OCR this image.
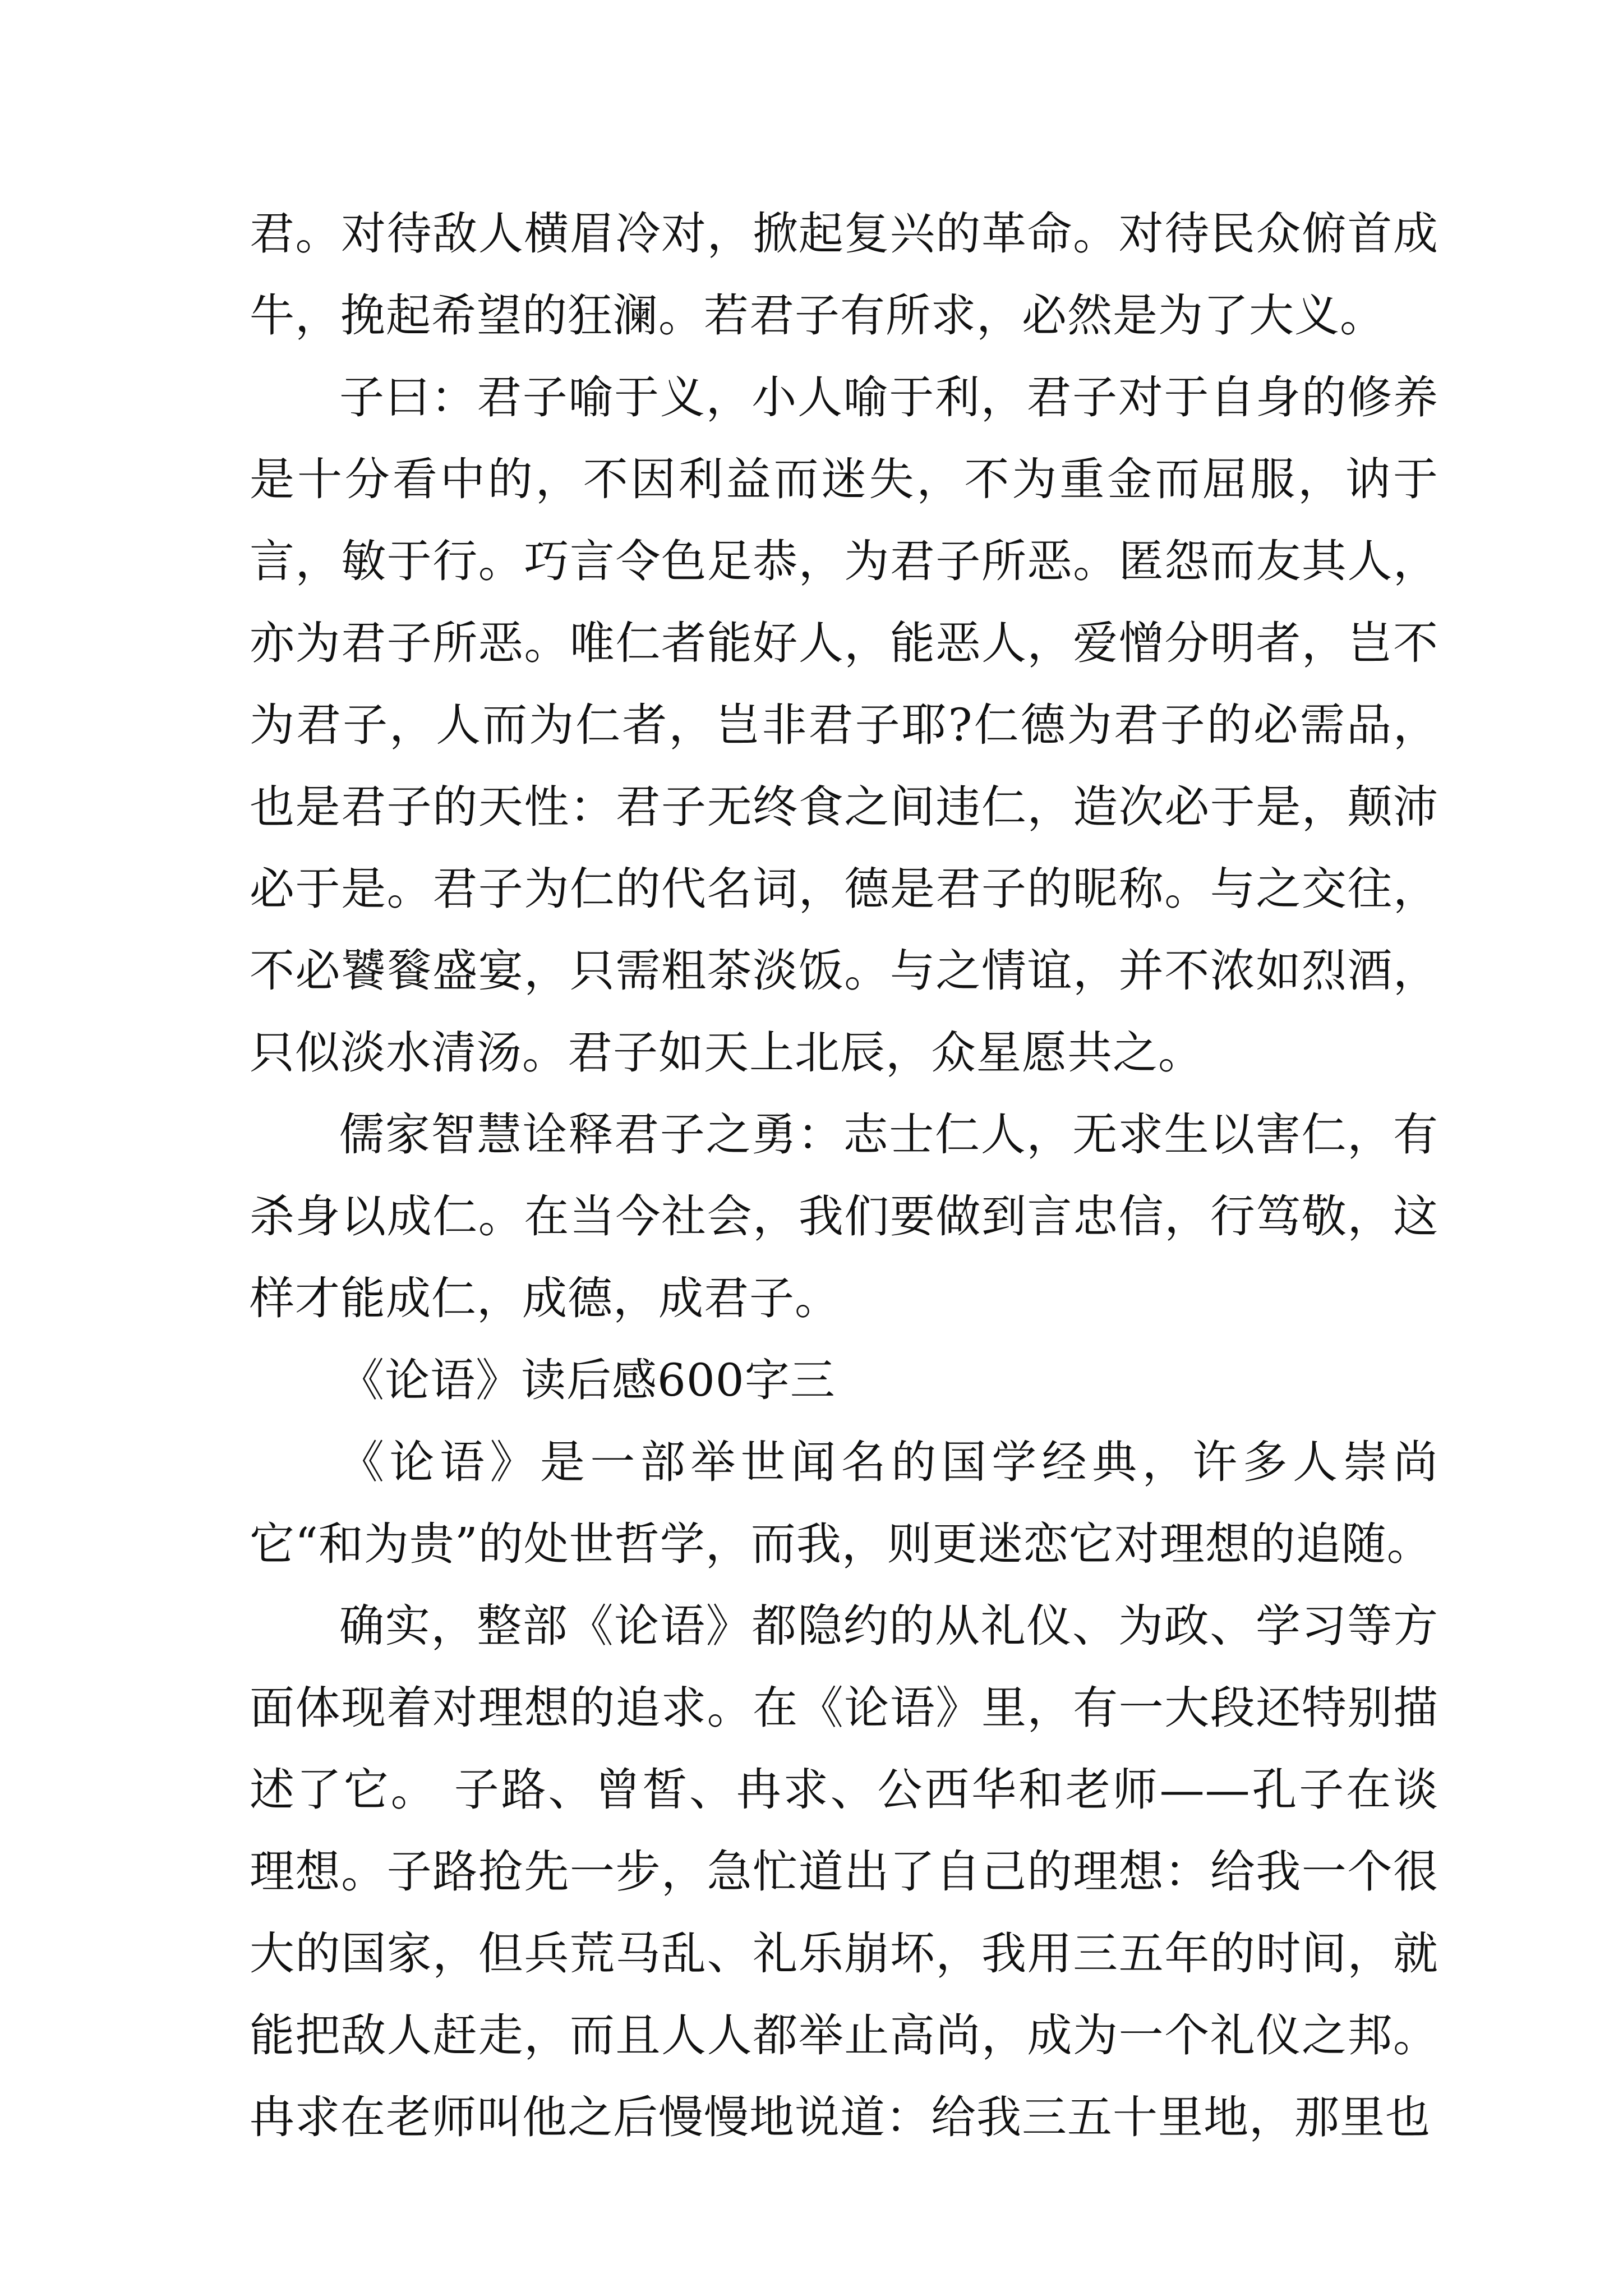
君。对待敌人横眉冷对，掀起复兴的革命。对待民众俯首成牛，挽起希望的狂澜。若君子有所求，必然是为了大义。

子曰：君子喻于义，小人喻于利，君子对于自身的修养是十分看中的，不因利益而迷失，不为重金而屈服，讷于言，敏于行。巧言令色足恭，为君子所恶。匿怨而友其人，亦为君子所恶。唯仁者能好人，能恶人，爱憎分明者，岂不为君子，人而为仁者，岂非君子耶?仁德为君子的必需品，也是君子的天性：君子无终食之间违仁，造次必于是，颠沛必于是。君子为仁的代名词，德是君子的昵称。与之交往，不必饕餮盛宴，只需粗茶淡饭。与之情谊，并不浓如烈酒，只似淡水清汤。君子如天上北辰，众星愿共之。

儒家智慧诠释君子之勇：志士仁人，无求生以害仁，有杀身以成仁。在当今社会，我们要做到言忠信，行笃敬，这样才能成仁，成德，成君子。

《论语》读后感600字三

《论语》是一部举世闻名的国学经典，许多人崇尚它“和为贵”的处世哲学，而我，则更迷恋它对理想的追随。

确实，整部《论语》都隐约的从礼仪、为政、学习等方面体现着对理想的追求。在《论语》里，有一大段还特别描述了它。 子路、曾皙、冉求、公西华和老师——孔子在谈理想。子路抢先一步，急忙道出了自己的理想：给我一个很大的国家，但兵荒马乱、礼乐崩坏，我用三五年的时间，就能把敌人赶走，而且人人都举止高尚，成为一个礼仪之邦。冉求在老师叫他之后慢慢地说道：给我三五十里地，那里也
